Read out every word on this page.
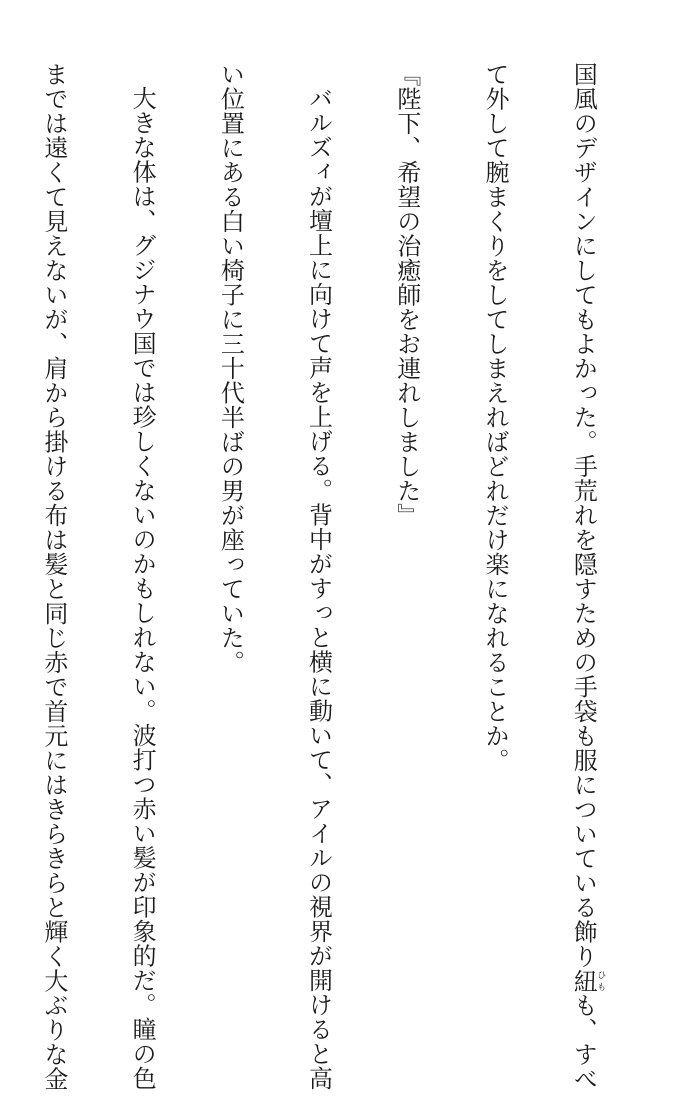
国風のデザインにしてもよかった。手荒れを隠すための手袋も服についている飾り紐ひもも、すべ

て外して腕まくりをしてしまえればどれだけ楽になれることか。

『陛下、希望の治癒師をお連れしました』

バルズィが壇上に向けて声を上げる。背中がすっと横に動いて、アイルの視界が開けると高

い位置にある白い椅子に三十代半ばの男が座っていた。

大きな体は、グジナウ国では珍しくないのかもしれない。波打つ赤い髪が印象的だ。瞳の色

までは遠くて見えないが、肩から掛ける布は髪と同じ赤で首元にはきらきらと輝く大ぶりな金
